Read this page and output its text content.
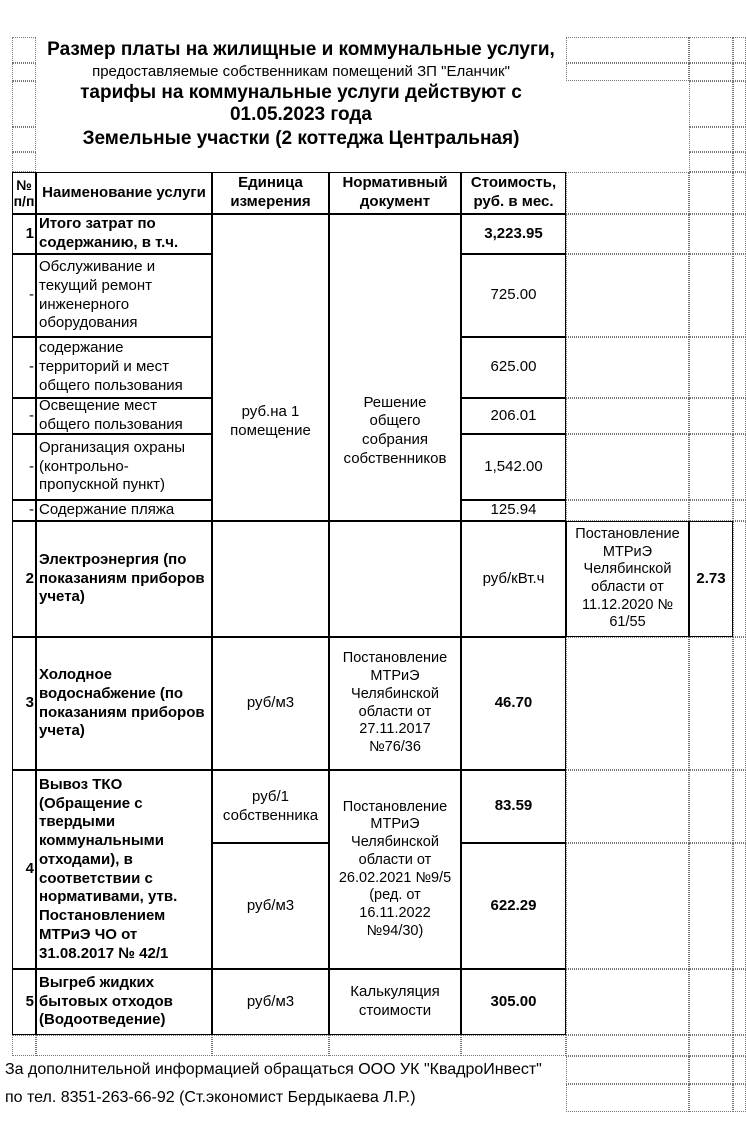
Размер платы на жилищные и коммунальные услуги,
предоставляемые собственникам помещений ЗП "Еланчик"
тарифы на коммунальные услуги действуют с
01.05.2023 года
Земельные участки (2 коттеджа Центральная)
№ п/п
Наименование услуги
Единица измерения
Нормативный документ
Стоимость, руб. в мес.
1
Итого затрат по содержанию, в т.ч.
3,223.95
руб.на 1 помещение
Решение общего собрания собственников
-
Обслуживание и текущий ремонт инженерного оборудования
725.00
-
содержание территорий и мест общего пользования
625.00
-
Освещение мест общего пользования
206.01
-
Организация охраны (контрольно-пропускной пункт)
1,542.00
- Содержание пляжа	125.94
2
Электроэнергия (по показаниям приборов учета)
руб/кВт.ч
Постановление МТРиЭ Челябинской области от 11.12.2020 № 61/55
2.73
3
Холодное водоснабжение (по показаниям приборов учета)
руб/м3
Постановление МТРиЭ Челябинской области от 27.11.2017 №76/36
46.70
4
Вывоз ТКО (Обращение с твердыми коммунальными отходами), в соответствии с нормативами, утв. Постановлением МТРиЭ ЧО от 31.08.2017 № 42/1
руб/1 собственника
руб/м3
Постановление МТРиЭ Челябинской области от 26.02.2021 №9/5 (ред. от 16.11.2022 №94/30)
83.59
622.29
5
Выгреб жидких бытовых отходов (Водоотведение)
руб/м3
Калькуляция стоимости
305.00
За дополнительной информацией обращаться ООО УК "КвадроИнвест"
по тел. 8351-263-66-92 (Ст.экономист Бердыкаева Л.Р.)
